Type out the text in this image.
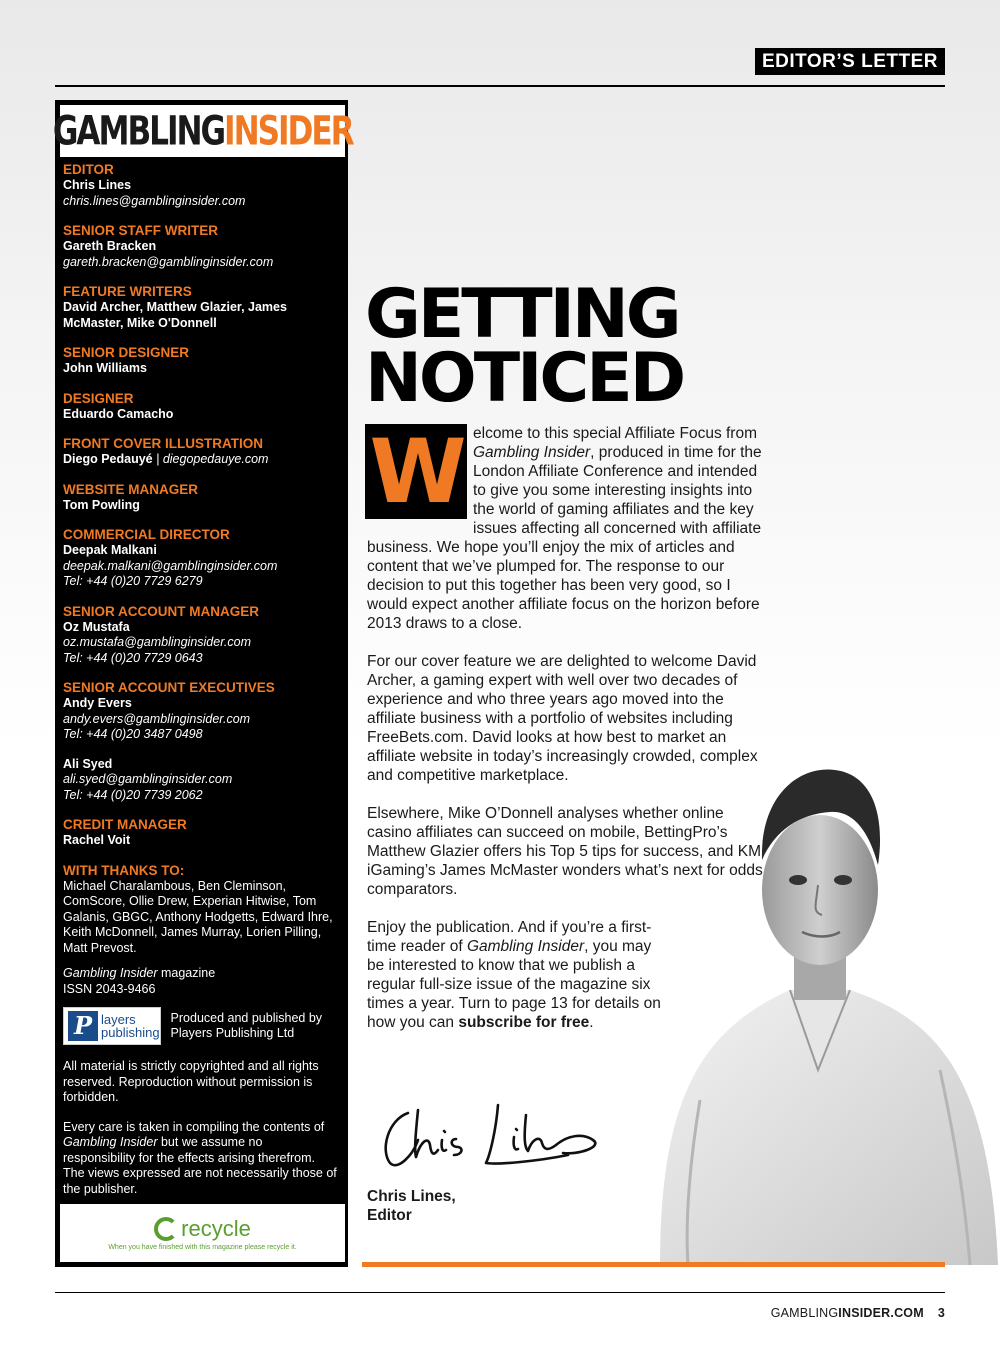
EDITOR’S LETTER
GAMBLINGINSIDER
EDITOR
Chris Lines
chris.lines@gamblinginsider.com
SENIOR STAFF WRITER
Gareth Bracken
gareth.bracken@gamblinginsider.com
FEATURE WRITERS
David Archer, Matthew Glazier, James McMaster, Mike O'Donnell
SENIOR DESIGNER
John Williams
DESIGNER
Eduardo Camacho
FRONT COVER ILLUSTRATION
Diego Pedauyé | diegopedauye.com
WEBSITE MANAGER
Tom Powling
COMMERCIAL DIRECTOR
Deepak Malkani
deepak.malkani@gamblinginsider.com
Tel: +44 (0)20 7729 6279
SENIOR ACCOUNT MANAGER
Oz Mustafa
oz.mustafa@gamblinginsider.com
Tel: +44 (0)20 7729 0643
SENIOR ACCOUNT EXECUTIVES
Andy Evers
andy.evers@gamblinginsider.com
Tel: +44 (0)20 3487 0498
Ali Syed
ali.syed@gamblinginsider.com
Tel: +44 (0)20 7739 2062
CREDIT MANAGER
Rachel Voit
WITH THANKS TO:
Michael Charalambous, Ben Cleminson, ComScore, Ollie Drew, Experian Hitwise, Tom Galanis, GBGC, Anthony Hodgetts, Edward Ihre, Keith McDonnell, James Murray, Lorien Pilling, Matt Prevost.
Gambling Insider magazine
ISSN 2043-9466
P layers
publishing
Produced and published by Players Publishing Ltd
All material is strictly copyrighted and all rights reserved. Reproduction without permission is forbidden.
Every care is taken in compiling the contents of Gambling Insider but we assume no responsibility for the effects arising therefrom. The views expressed are not necessarily those of the publisher.
recycle
When you have finished with this magazine please recycle it.
GETTING
NOTICED
W elcome to this special Affiliate Focus from Gambling Insider, produced in time for the London Affiliate Conference and intended to give you some interesting insights into the world of gaming affiliates and the key issues affecting all concerned with affiliate business. We hope you’ll enjoy the mix of articles and content that we’ve plumped for. The response to our decision to put this together has been very good, so I would expect another affiliate focus on the horizon before 2013 draws to a close.

For our cover feature we are delighted to welcome David Archer, a gaming expert with well over two decades of experience and who three years ago moved into the affiliate business with a portfolio of websites including FreeBets.com. David looks at how best to market an affiliate website in today’s increasingly crowded, complex and competitive marketplace.

Elsewhere, Mike O’Donnell analyses whether online casino affiliates can succeed on mobile, BettingPro’s Matthew Glazier offers his Top 5 tips for success, and KM iGaming’s James McMaster wonders what’s next for odds comparators.

Enjoy the publication. And if you’re a first-time reader of Gambling Insider, you may be interested to know that we publish a regular full-size issue of the magazine six times a year. Turn to page 13 for details on how you can subscribe for free.

Chris Lines,
Editor
GAMBLINGINSIDER.COM 3
